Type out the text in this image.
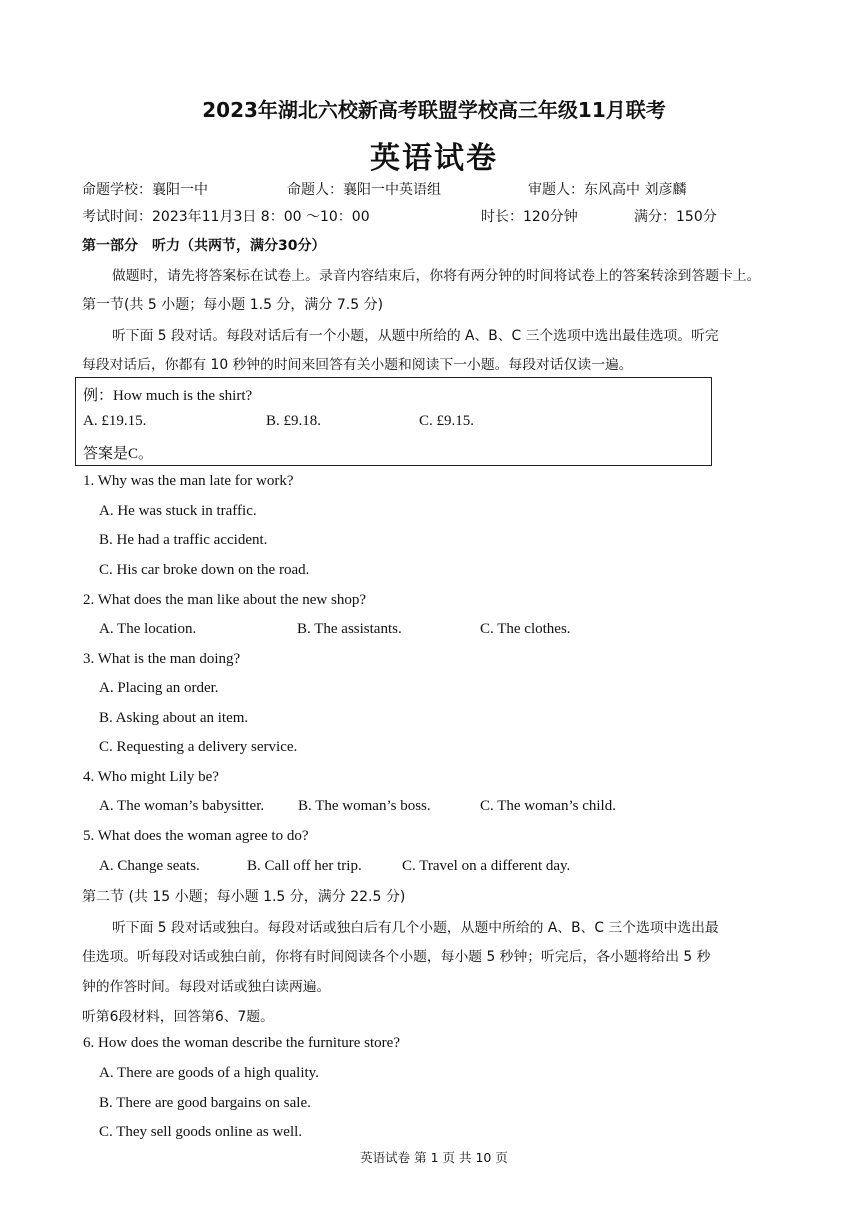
2023年湖北六校新高考联盟学校高三年级11月联考
英语试卷
命题学校：襄阳一中	命题人：襄阳一中英语组	审题人：东风高中 刘彦麟
考试时间：2023年11月3日 8：00 ～10：00	时长：120分钟	满分：150分
第一部分　听力（共两节，满分30分）
做题时，请先将答案标在试卷上。录音内容结束后，你将有两分钟的时间将试卷上的答案转涂到答题卡上。
第一节(共 5 小题；每小题 1.5 分，满分 7.5 分)
听下面 5 段对话。每段对话后有一个小题，从题中所给的 A、B、C 三个选项中选出最佳选项。听完
每段对话后，你都有 10 秒钟的时间来回答有关小题和阅读下一小题。每段对话仅读一遍。
例：How much is the shirt?
A. £19.15.	B. £9.18.	C. £9.15.
答案是C。
1. Why was the man late for work?
A. He was stuck in traffic.
B. He had a traffic accident.
C. His car broke down on the road.
2. What does the man like about the new shop?
A. The location.	B. The assistants.	C. The clothes.
3. What is the man doing?
A. Placing an order.
B. Asking about an item.
C. Requesting a delivery service.
4. Who might Lily be?
A. The woman’s babysitter. B. The woman’s boss.	C. The woman’s child.
5. What does the woman agree to do?
A. Change seats.	B. Call off her trip.	C. Travel on a different day.
第二节 (共 15 小题；每小题 1.5 分，满分 22.5 分)
听下面 5 段对话或独白。每段对话或独白后有几个小题，从题中所给的 A、B、C 三个选项中选出最
佳选项。听每段对话或独白前，你将有时间阅读各个小题，每小题 5 秒钟；听完后，各小题将给出 5 秒
钟的作答时间。每段对话或独白读两遍。
听第6段材料，回答第6、7题。
6. How does the woman describe the furniture store?
A. There are goods of a high quality.
B. There are good bargains on sale.
C. They sell goods online as well.
英语试卷 第 1 页 共 10 页
